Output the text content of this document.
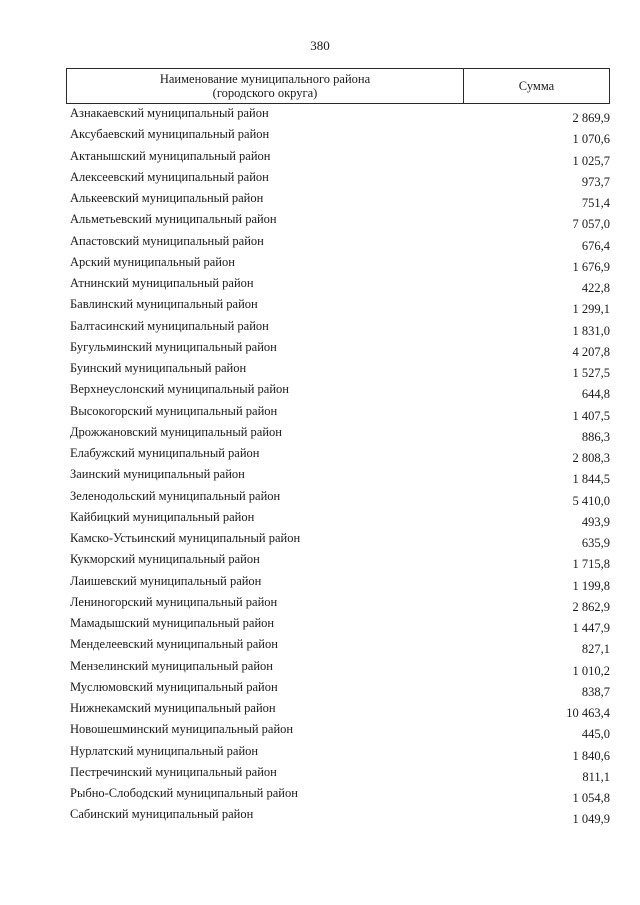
380
Наименование муниципального района
(городского округа)
Сумма
Азнакаевский муниципальный район	2 869,9
Аксубаевский муниципальный район	1 070,6
Актанышский муниципальный район	1 025,7
Алексеевский муниципальный район	973,7
Алькеевский муниципальный район	751,4
Альметьевский муниципальный район	7 057,0
Апастовский муниципальный район	676,4
Арский муниципальный район	1 676,9
Атнинский муниципальный район	422,8
Бавлинский муниципальный район	1 299,1
Балтасинский муниципальный район	1 831,0
Бугульминский муниципальный район	4 207,8
Буинский муниципальный район	1 527,5
Верхнеуслонский муниципальный район	644,8
Высокогорский муниципальный район	1 407,5
Дрожжановский муниципальный район	886,3
Елабужский муниципальный район	2 808,3
Заинский муниципальный район	1 844,5
Зеленодольский муниципальный район	5 410,0
Кайбицкий муниципальный район	493,9
Камско-Устьинский муниципальный район	635,9
Кукморский муниципальный район	1 715,8
Лаишевский муниципальный район	1 199,8
Лениногорский муниципальный район	2 862,9
Мамадышский муниципальный район	1 447,9
Менделеевский муниципальный район	827,1
Мензелинский муниципальный район	1 010,2
Муслюмовский муниципальный район	838,7
Нижнекамский муниципальный район	10 463,4
Новошешминский муниципальный район	445,0
Нурлатский муниципальный район	1 840,6
Пестречинский муниципальный район	811,1
Рыбно-Слободский муниципальный район	1 054,8
Сабинский муниципальный район	1 049,9
